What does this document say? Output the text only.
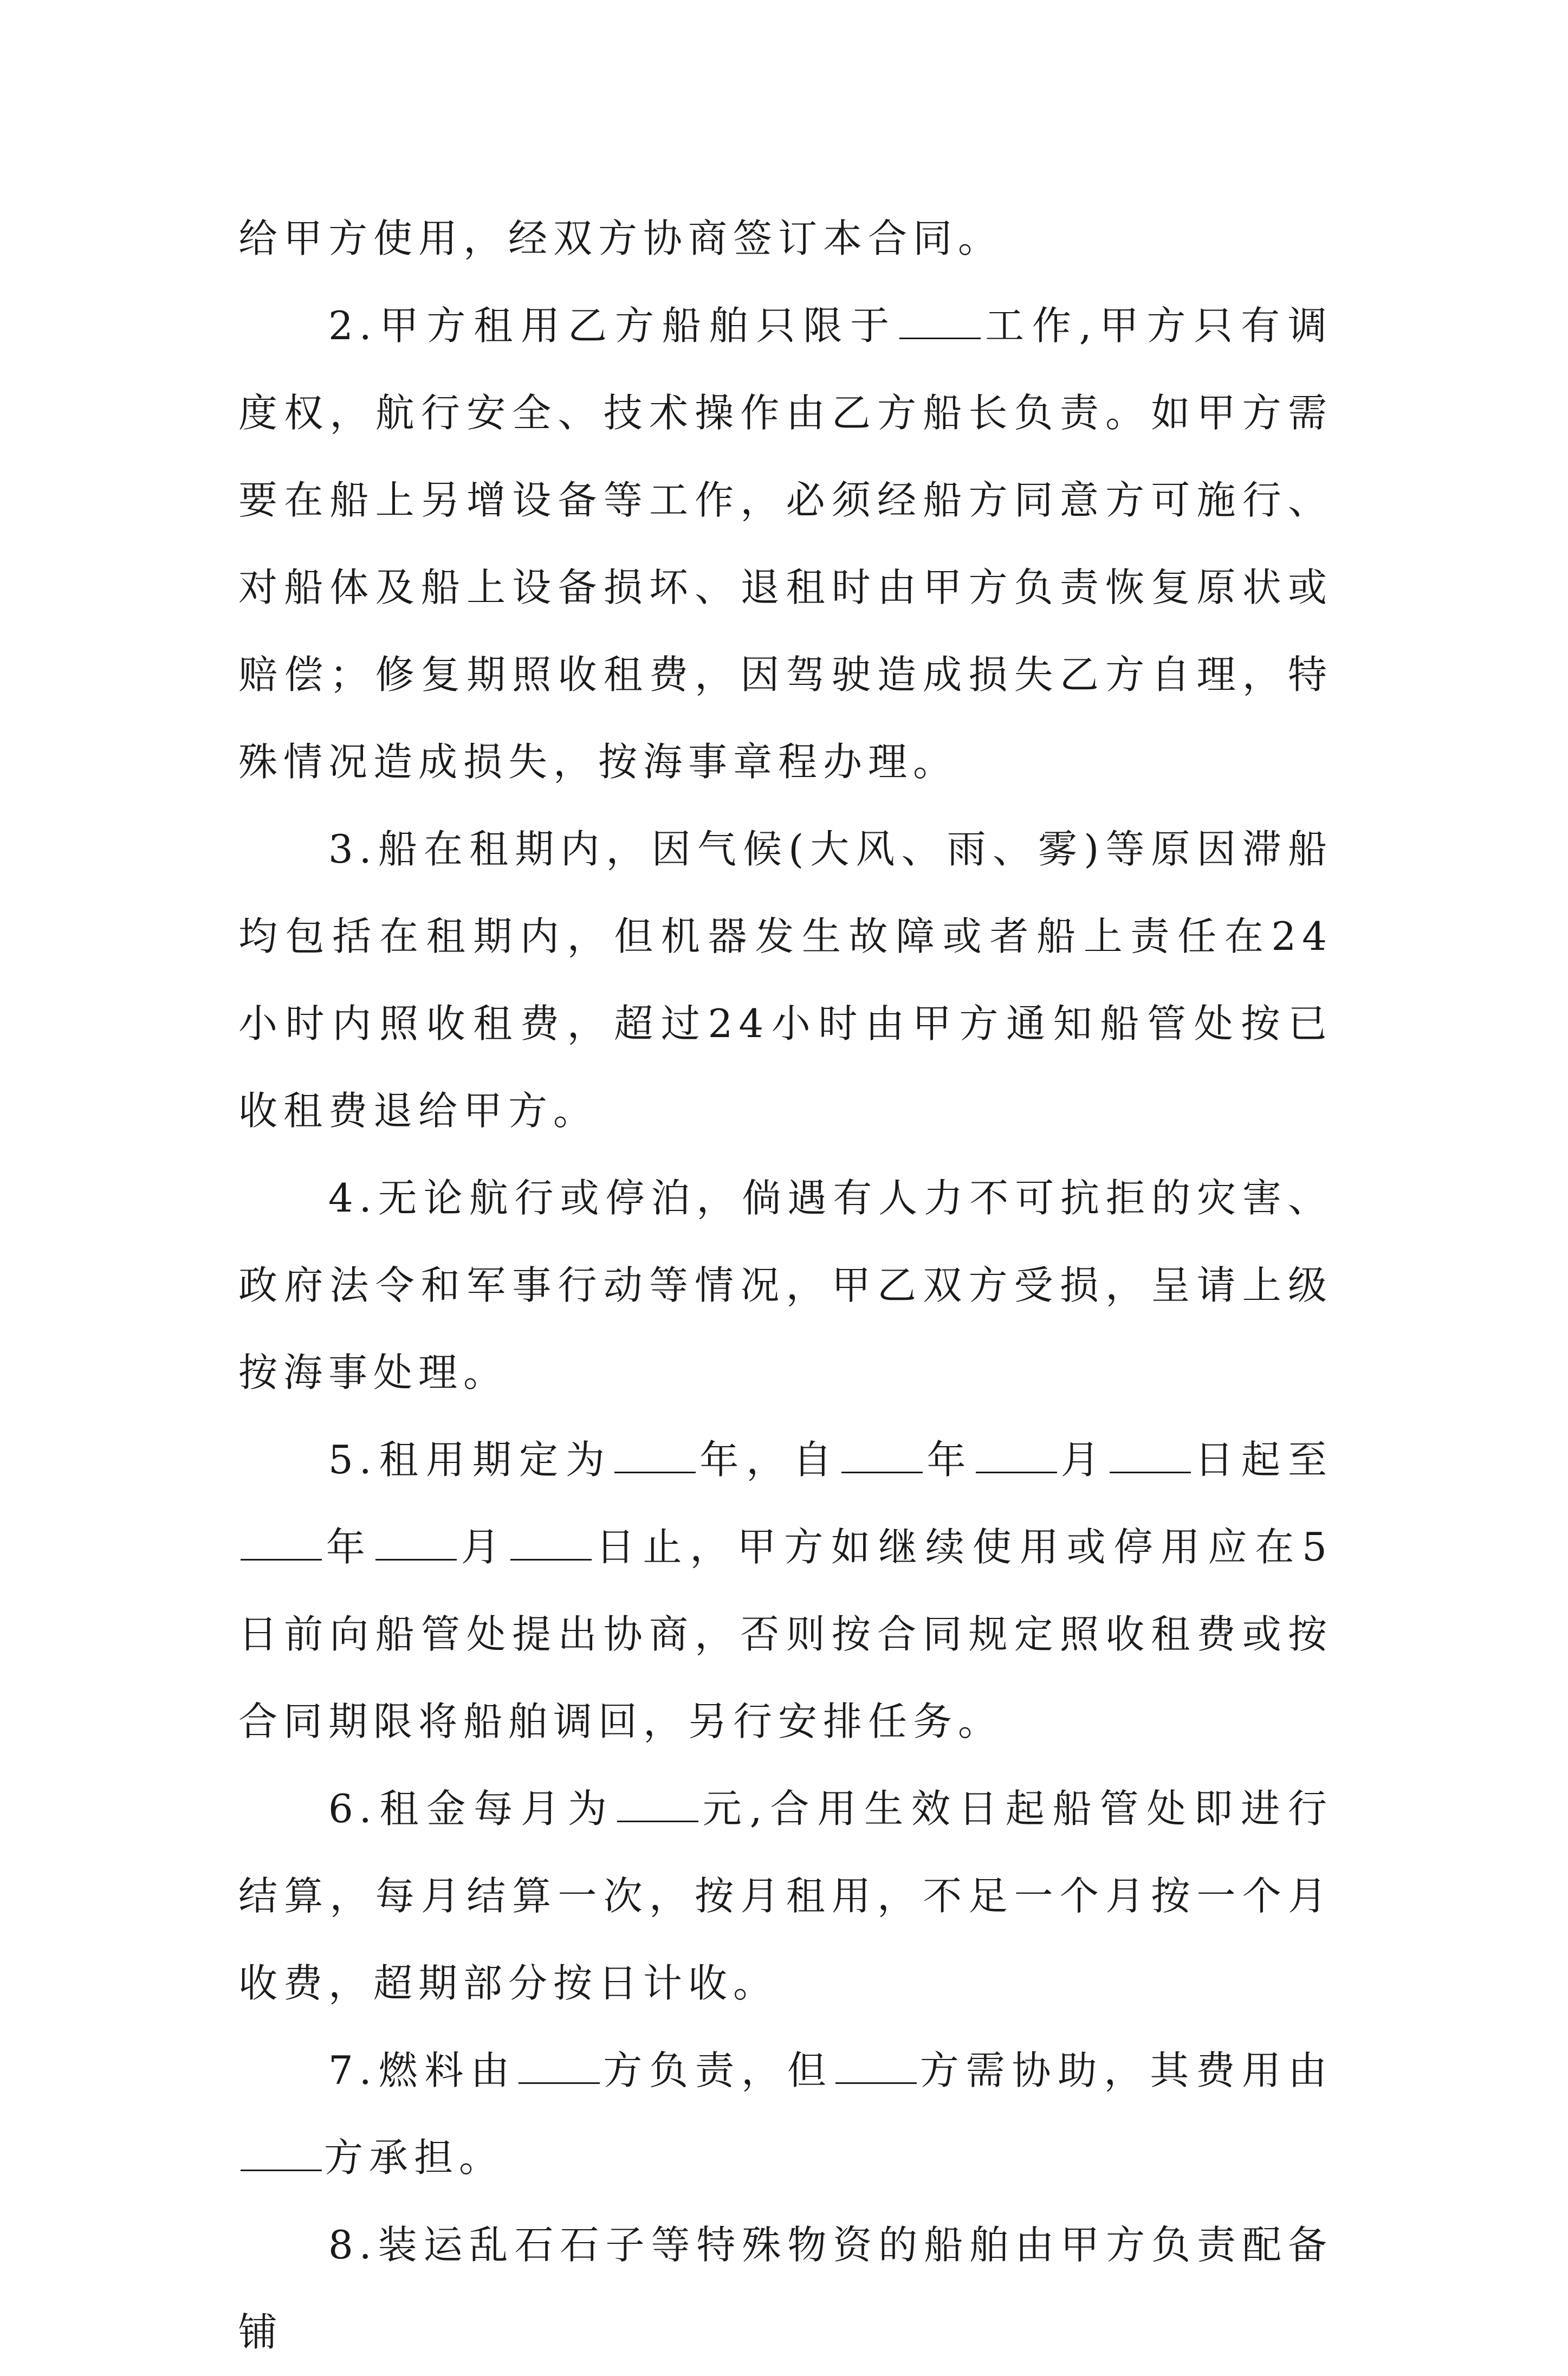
给甲方使用，经双方协商签订本合同。

2.甲方租用乙方船舶只限于 工作,甲方只有调度权，航行安全、技术操作由乙方船长负责。如甲方需要在船上另增设备等工作，必须经船方同意方可施行、对船体及船上设备损坏、退租时由甲方负责恢复原状或赔偿；修复期照收租费，因驾驶造成损失乙方自理，特殊情况造成损失，按海事章程办理。

3.船在租期内，因气候(大风、雨、雾)等原因滞船均包括在租期内，但机器发生故障或者船上责任在24小时内照收租费，超过24小时由甲方通知船管处按已收租费退给甲方。

4.无论航行或停泊，倘遇有人力不可抗拒的灾害、政府法令和军事行动等情况，甲乙双方受损，呈请上级按海事处理。

5.租用期定为 年，自 年 月 日起至年 月 日止，甲方如继续使用或停用应在5日前向船管处提出协商，否则按合同规定照收租费或按合同期限将船舶调回，另行安排任务。

6.租金每月为 元,合用生效日起船管处即进行结算，每月结算一次，按月租用，不足一个月按一个月收费，超期部分按日计收。

7.燃料由 方负责，但 方需协助，其费用由方承担。

8.装运乱石石子等特殊物资的船舶由甲方负责配备铺
